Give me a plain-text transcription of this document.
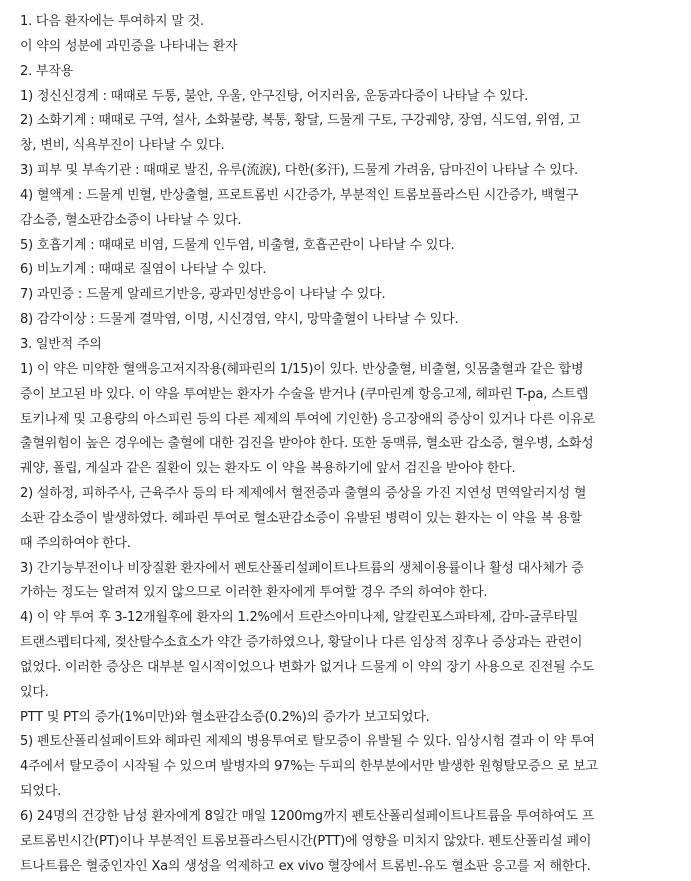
1. 다음 환자에는 투여하지 말 것.
이 약의 성분에 과민증을 나타내는 환자
2. 부작용
1) 정신신경계 : 때때로 두통, 불안, 우울, 안구진탕, 어지러움, 운동과다증이 나타날 수 있다.
2) 소화기계 : 때때로 구역, 설사, 소화불량, 복통, 황달, 드물게 구토, 구강궤양, 장염, 식도염, 위염, 고
창, 변비, 식욕부진이 나타날 수 있다.
3) 피부 및 부속기관 : 때때로 발진, 유루(流淚), 다한(多汗), 드물게 가려움, 담마진이 나타날 수 있다.
4) 혈액계 : 드물게 빈혈, 반상출혈, 프로트롬빈 시간증가, 부분적인 트롬보플라스틴 시간증가, 백혈구
감소증, 혈소판감소증이 나타날 수 있다.
5) 호흡기계 : 때때로 비염, 드물게 인두염, 비출혈, 호흡곤란이 나타날 수 있다.
6) 비뇨기계 : 때때로 질염이 나타날 수 있다.
7) 과민증 : 드물게 알레르기반응, 광과민성반응이 나타날 수 있다.
8) 감각이상 : 드물게 결막염, 이명, 시신경염, 약시, 망막출혈이 나타날 수 있다.
3. 일반적 주의
1) 이 약은 미약한 혈액응고저지작용(헤파린의 1/15)이 있다. 반상출혈, 비출혈, 잇몸출혈과 같은 합병
증이 보고된 바 있다. 이 약을 투여받는 환자가 수술을 받거나 (쿠마린계 항응고제, 헤파린 T-pa, 스트렙
토키나제 및 고용량의 아스피린 등의 다른 제제의 투여에 기인한) 응고장애의 증상이 있거나 다른 이유로
출혈위험이 높은 경우에는 출혈에 대한 검진을 받아야 한다. 또한 동맥류, 혈소판 감소증, 혈우병, 소화성
궤양, 폴립, 게실과 같은 질환이 있는 환자도 이 약을 복용하기에 앞서 검진을 받아야 한다.
2) 설하정, 피하주사, 근육주사 등의 타 제제에서 혈전증과 출혈의 증상을 가진 지연성 면역알러지성 혈
소판 감소증이 발생하였다. 헤파린 투여로 혈소판감소증이 유발된 병력이 있는 환자는 이 약을 복 용할
때 주의하여야 한다.
3) 간기능부전이나 비장질환 환자에서 펜토산폴리설페이트나트륨의 생체이용률이나 활성 대사체가 증
가하는 정도는 알려져 있지 않으므로 이러한 환자에게 투여할 경우 주의 하여야 한다.
4) 이 약 투여 후 3-12개월후에 환자의 1.2%에서 트란스아미나제, 알칼린포스파타제, 감마-글루타밀
트랜스펩티다제, 젖산탈수소효소가 약간 증가하였으나, 황달이나 다른 임상적 징후나 증상과는 관련이
없었다. 이러한 증상은 대부분 일시적이었으나 변화가 없거나 드물게 이 약의 장기 사용으로 진전될 수도
있다.
PTT 및 PT의 증가(1%미만)와 혈소판감소증(0.2%)의 증가가 보고되었다.
5) 펜토산폴리설페이트와 헤파린 제제의 병용투여로 탈모증이 유발될 수 있다. 임상시험 결과 이 약 투여
4주에서 탈모증이 시작될 수 있으며 발병자의 97%는 두피의 한부분에서만 발생한 원형탈모증으 로 보고
되었다.
6) 24명의 건강한 남성 환자에게 8일간 매일 1200mg까지 펜토산폴리설페이트나트륨을 투여하여도 프
로트롬빈시간(PT)이나 부분적인 트롬보플라스틴시간(PTT)에 영향을 미치지 않았다. 펜토산폴리설 페이
트나트륨은 혈중인자인 Xa의 생성을 억제하고 ex vivo 혈장에서 트롬빈-유도 혈소판 응고를 저 해한다.
